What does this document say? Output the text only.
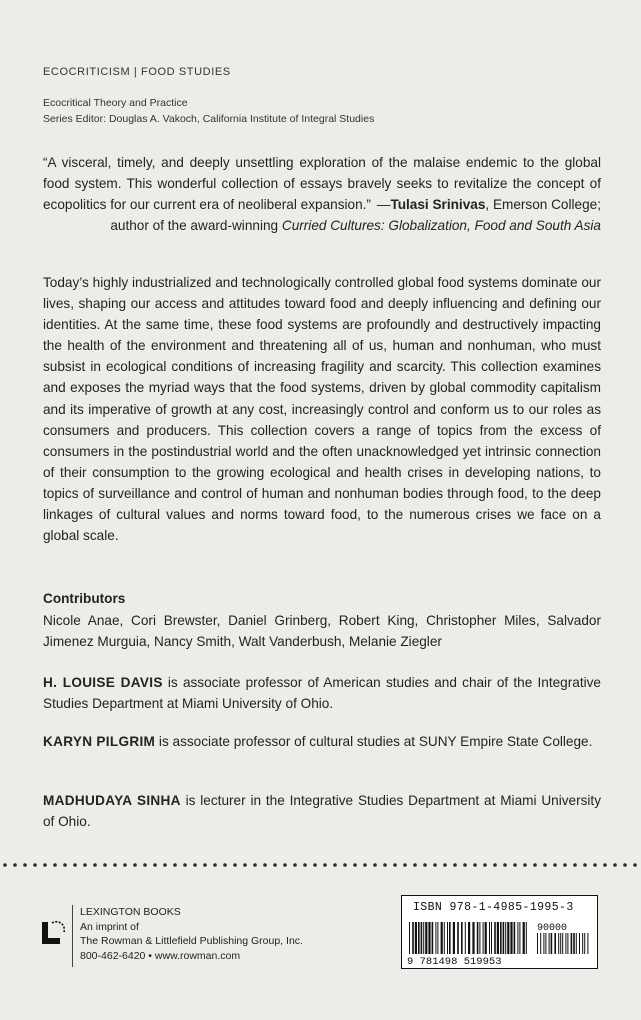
ECOCRITICISM | FOOD STUDIES
Ecocritical Theory and Practice
Series Editor: Douglas A. Vakoch, California Institute of Integral Studies

“A visceral, timely, and deeply unsettling exploration of the malaise endemic to the global food system. This wonderful collection of essays bravely seeks to revitalize the concept of ecopolitics for our current era of neoliberal expansion.” —Tulasi Srinivas, Emerson College;
author of the award-winning Curried Cultures: Globalization, Food and South Asia

Today’s highly industrialized and technologically controlled global food systems dominate our lives, shaping our access and attitudes toward food and deeply influencing and defining our identities. At the same time, these food systems are profoundly and destructively impacting the health of the environment and threatening all of us, human and nonhuman, who must subsist in ecological conditions of increasing fragility and scarcity. This collection examines and exposes the myriad ways that the food systems, driven by global commodity capitalism and its imperative of growth at any cost, increasingly control and conform us to our roles as consumers and producers. This collection covers a range of topics from the excess of consumers in the postindustrial world and the often unacknowledged yet intrinsic connection of their consumption to the growing ecological and health crises in developing nations, to topics of surveillance and control of human and nonhuman bodies through food, to the deep linkages of cultural values and norms toward food, to the numerous crises we face on a global scale.

Contributors

Nicole Anae, Cori Brewster, Daniel Grinberg, Robert King, Christopher Miles, Salvador Jimenez Murguia, Nancy Smith, Walt Vanderbush, Melanie Ziegler

H. LOUISE DAVIS is associate professor of American studies and chair of the Integrative Studies Department at Miami University of Ohio.

KARYN PILGRIM is associate professor of cultural studies at SUNY Empire State College.

MADHUDAYA SINHA is lecturer in the Integrative Studies Department at Miami University of Ohio.

LEXINGTON BOOKS
An imprint of
The Rowman & Littlefield Publishing Group, Inc.
800-462-6420 • www.rowman.com
ISBN 978-1-4985-1995-3
9 781498 519953
90000
